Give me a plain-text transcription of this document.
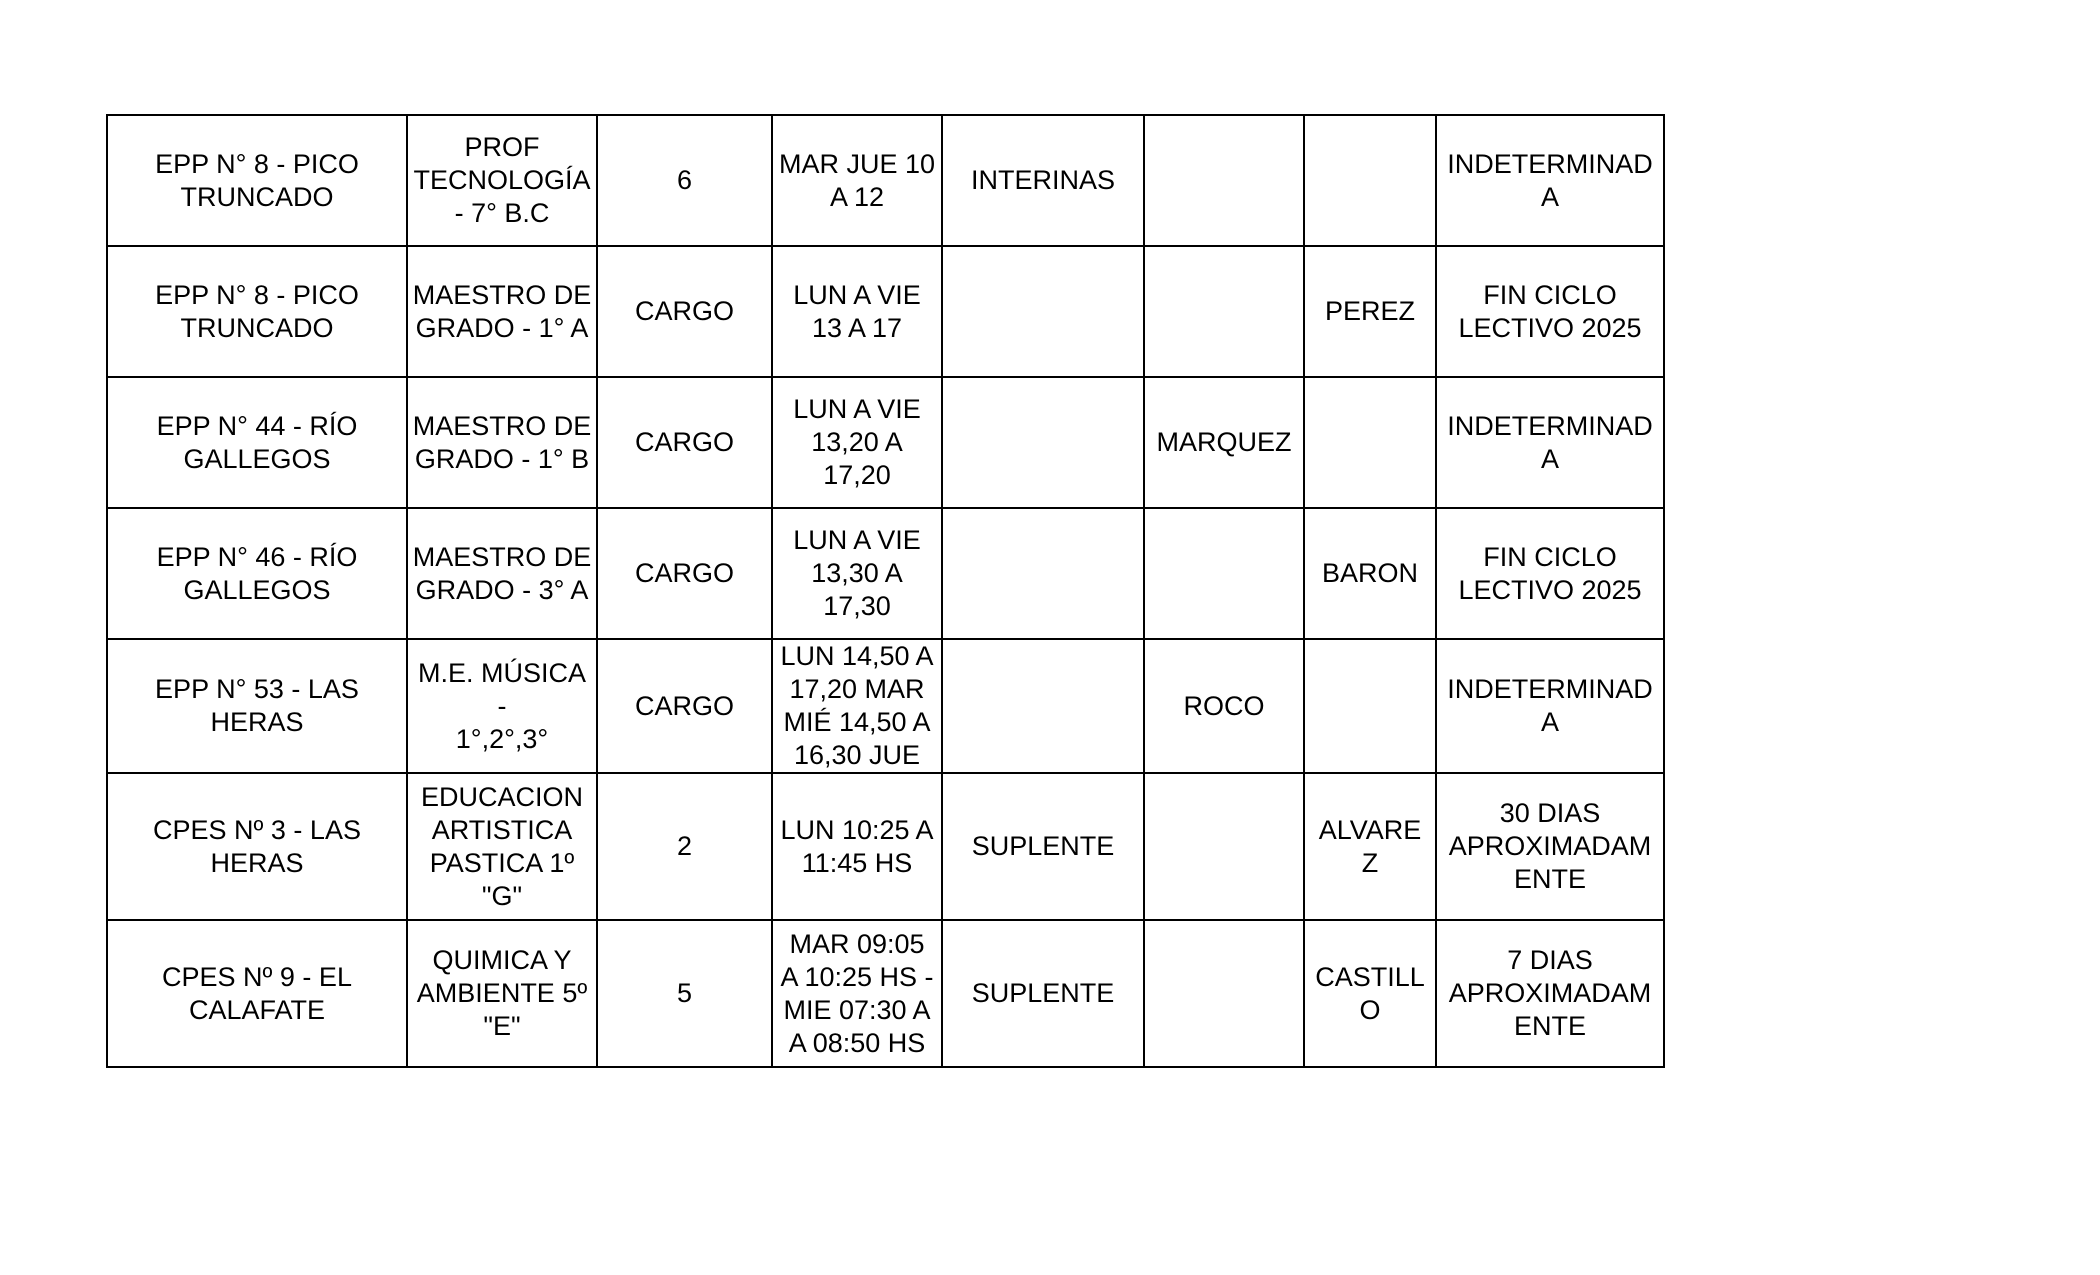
EPP N° 8 - PICO
TRUNCADO	PROF
TECNOLOGÍA
- 7° B.C	6	MAR JUE 10
A 12	INTERINAS			INDETERMINAD
A
EPP N° 8 - PICO
TRUNCADO	MAESTRO DE
GRADO - 1° A	CARGO	LUN A VIE
13 A 17			PEREZ	FIN CICLO
LECTIVO 2025
EPP N° 44 - RÍO
GALLEGOS	MAESTRO DE
GRADO - 1° B	CARGO	LUN A VIE
13,20 A
17,20		MARQUEZ		INDETERMINAD
A
EPP N° 46 - RÍO
GALLEGOS	MAESTRO DE
GRADO - 3° A	CARGO	LUN A VIE
13,30 A
17,30			BARON	FIN CICLO
LECTIVO 2025
EPP N° 53 - LAS
HERAS	M.E. MÚSICA -
1°,2°,3°	CARGO	LUN 14,50 A
17,20 MAR
MIÉ 14,50 A
16,30 JUE		ROCO		INDETERMINAD
A
CPES Nº 3 - LAS
HERAS	EDUCACION
ARTISTICA
PASTICA 1º
"G"	2	LUN 10:25 A
11:45 HS	SUPLENTE		ALVARE
Z	30 DIAS
APROXIMADAM
ENTE
CPES Nº 9 - EL
CALAFATE	QUIMICA Y
AMBIENTE 5º
"E"	5	MAR 09:05
A 10:25 HS -
MIE 07:30 A
A 08:50 HS	SUPLENTE		CASTILL
O	7 DIAS
APROXIMADAM
ENTE
